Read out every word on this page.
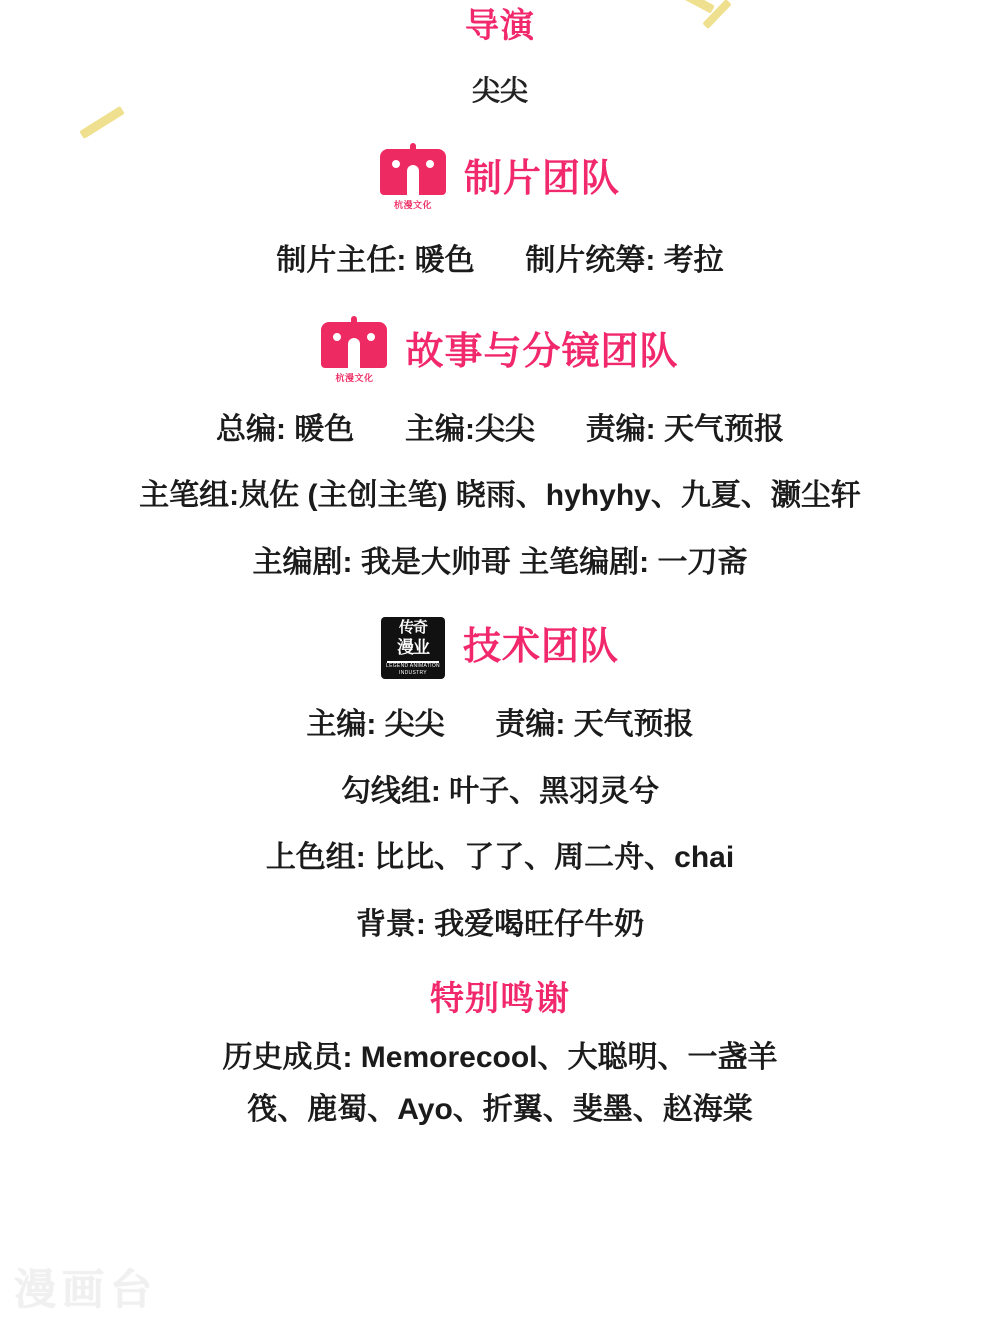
导演
尖尖
杭漫文化
制片团队
制片主任: 暖色 制片统筹: 考拉
杭漫文化
故事与分镜团队
总编: 暖色 主编:尖尖 责编: 天气预报
主笔组:岚佐 (主创主笔) 晓雨、hyhyhy、九夏、灏尘轩
主编剧: 我是大帅哥 主笔编剧: 一刀斋
传奇
漫业
LEGEND ANIMATION INDUSTRY
技术团队
主编: 尖尖 责编: 天气预报
勾线组: 叶子、黑羽灵兮
上色组: 比比、了了、周二舟、chai
背景: 我爱喝旺仔牛奶
特别鸣谢
历史成员: Memorecool、大聪明、一盏羊
筏、鹿蜀、Ayo、折翼、斐墨、赵海棠
漫画台
